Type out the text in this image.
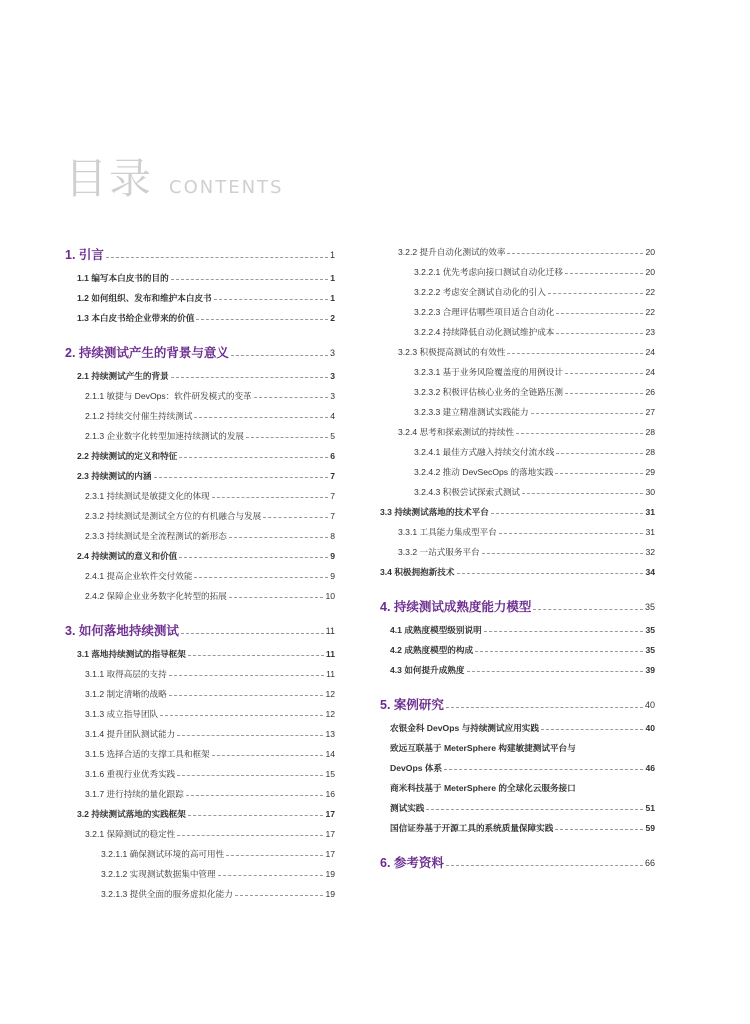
目录 CONTENTS
1. 引言	1
1.1 编写本白皮书的目的	1
1.2 如何组织、发布和维护本白皮书	1
1.3 本白皮书给企业带来的价值	2
2. 持续测试产生的背景与意义	3
2.1 持续测试产生的背景	3
2.1.1 敏捷与 DevOps：软件研发模式的变革	3
2.1.2 持续交付催生持续测试	4
2.1.3 企业数字化转型加速持续测试的发展	5
2.2 持续测试的定义和特征	6
2.3 持续测试的内涵	7
2.3.1 持续测试是敏捷文化的体现	7
2.3.2 持续测试是测试全方位的有机融合与发展	7
2.3.3 持续测试是全流程测试的新形态	8
2.4 持续测试的意义和价值	9
2.4.1 提高企业软件交付效能	9
2.4.2 保障企业业务数字化转型的拓展	10
3. 如何落地持续测试	11
3.1 落地持续测试的指导框架	11
3.1.1 取得高层的支持	11
3.1.2 制定清晰的战略	12
3.1.3 成立指导团队	12
3.1.4 提升团队测试能力	13
3.1.5 选择合适的支撑工具和框架	14
3.1.6 重视行业优秀实践	15
3.1.7 进行持续的量化跟踪	16
3.2 持续测试落地的实践框架	17
3.2.1 保障测试的稳定性	17
3.2.1.1 确保测试环境的高可用性	17
3.2.1.2 实现测试数据集中管理	19
3.2.1.3 提供全面的服务虚拟化能力	19
3.2.2 提升自动化测试的效率	20
3.2.2.1 优先考虑向接口测试自动化迁移	20
3.2.2.2 考虑安全测试自动化的引入	22
3.2.2.3 合理评估哪些项目适合自动化	22
3.2.2.4 持续降低自动化测试维护成本	23
3.2.3 积极提高测试的有效性	24
3.2.3.1 基于业务风险覆盖度的用例设计	24
3.2.3.2 积极评估核心业务的全链路压测	26
3.2.3.3 建立精准测试实践能力	27
3.2.4 思考和探索测试的持续性	28
3.2.4.1 最佳方式融入持续交付流水线	28
3.2.4.2 推动 DevSecOps 的落地实践	29
3.2.4.3 积极尝试探索式测试	30
3.3 持续测试落地的技术平台	31
3.3.1 工具能力集成型平台	31
3.3.2 一站式服务平台	32
3.4 积极拥抱新技术	34
4. 持续测试成熟度能力模型	35
4.1 成熟度模型级别说明	35
4.2 成熟度模型的构成	35
4.3 如何提升成熟度	39
5. 案例研究	40
农银金科 DevOps 与持续测试应用实践	40
致远互联基于 MeterSphere 构建敏捷测试平台与
DevOps 体系	46
商米科技基于 MeterSphere 的全球化云服务接口
测试实践	51
国信证券基于开源工具的系统质量保障实践	59
6. 参考资料	66
